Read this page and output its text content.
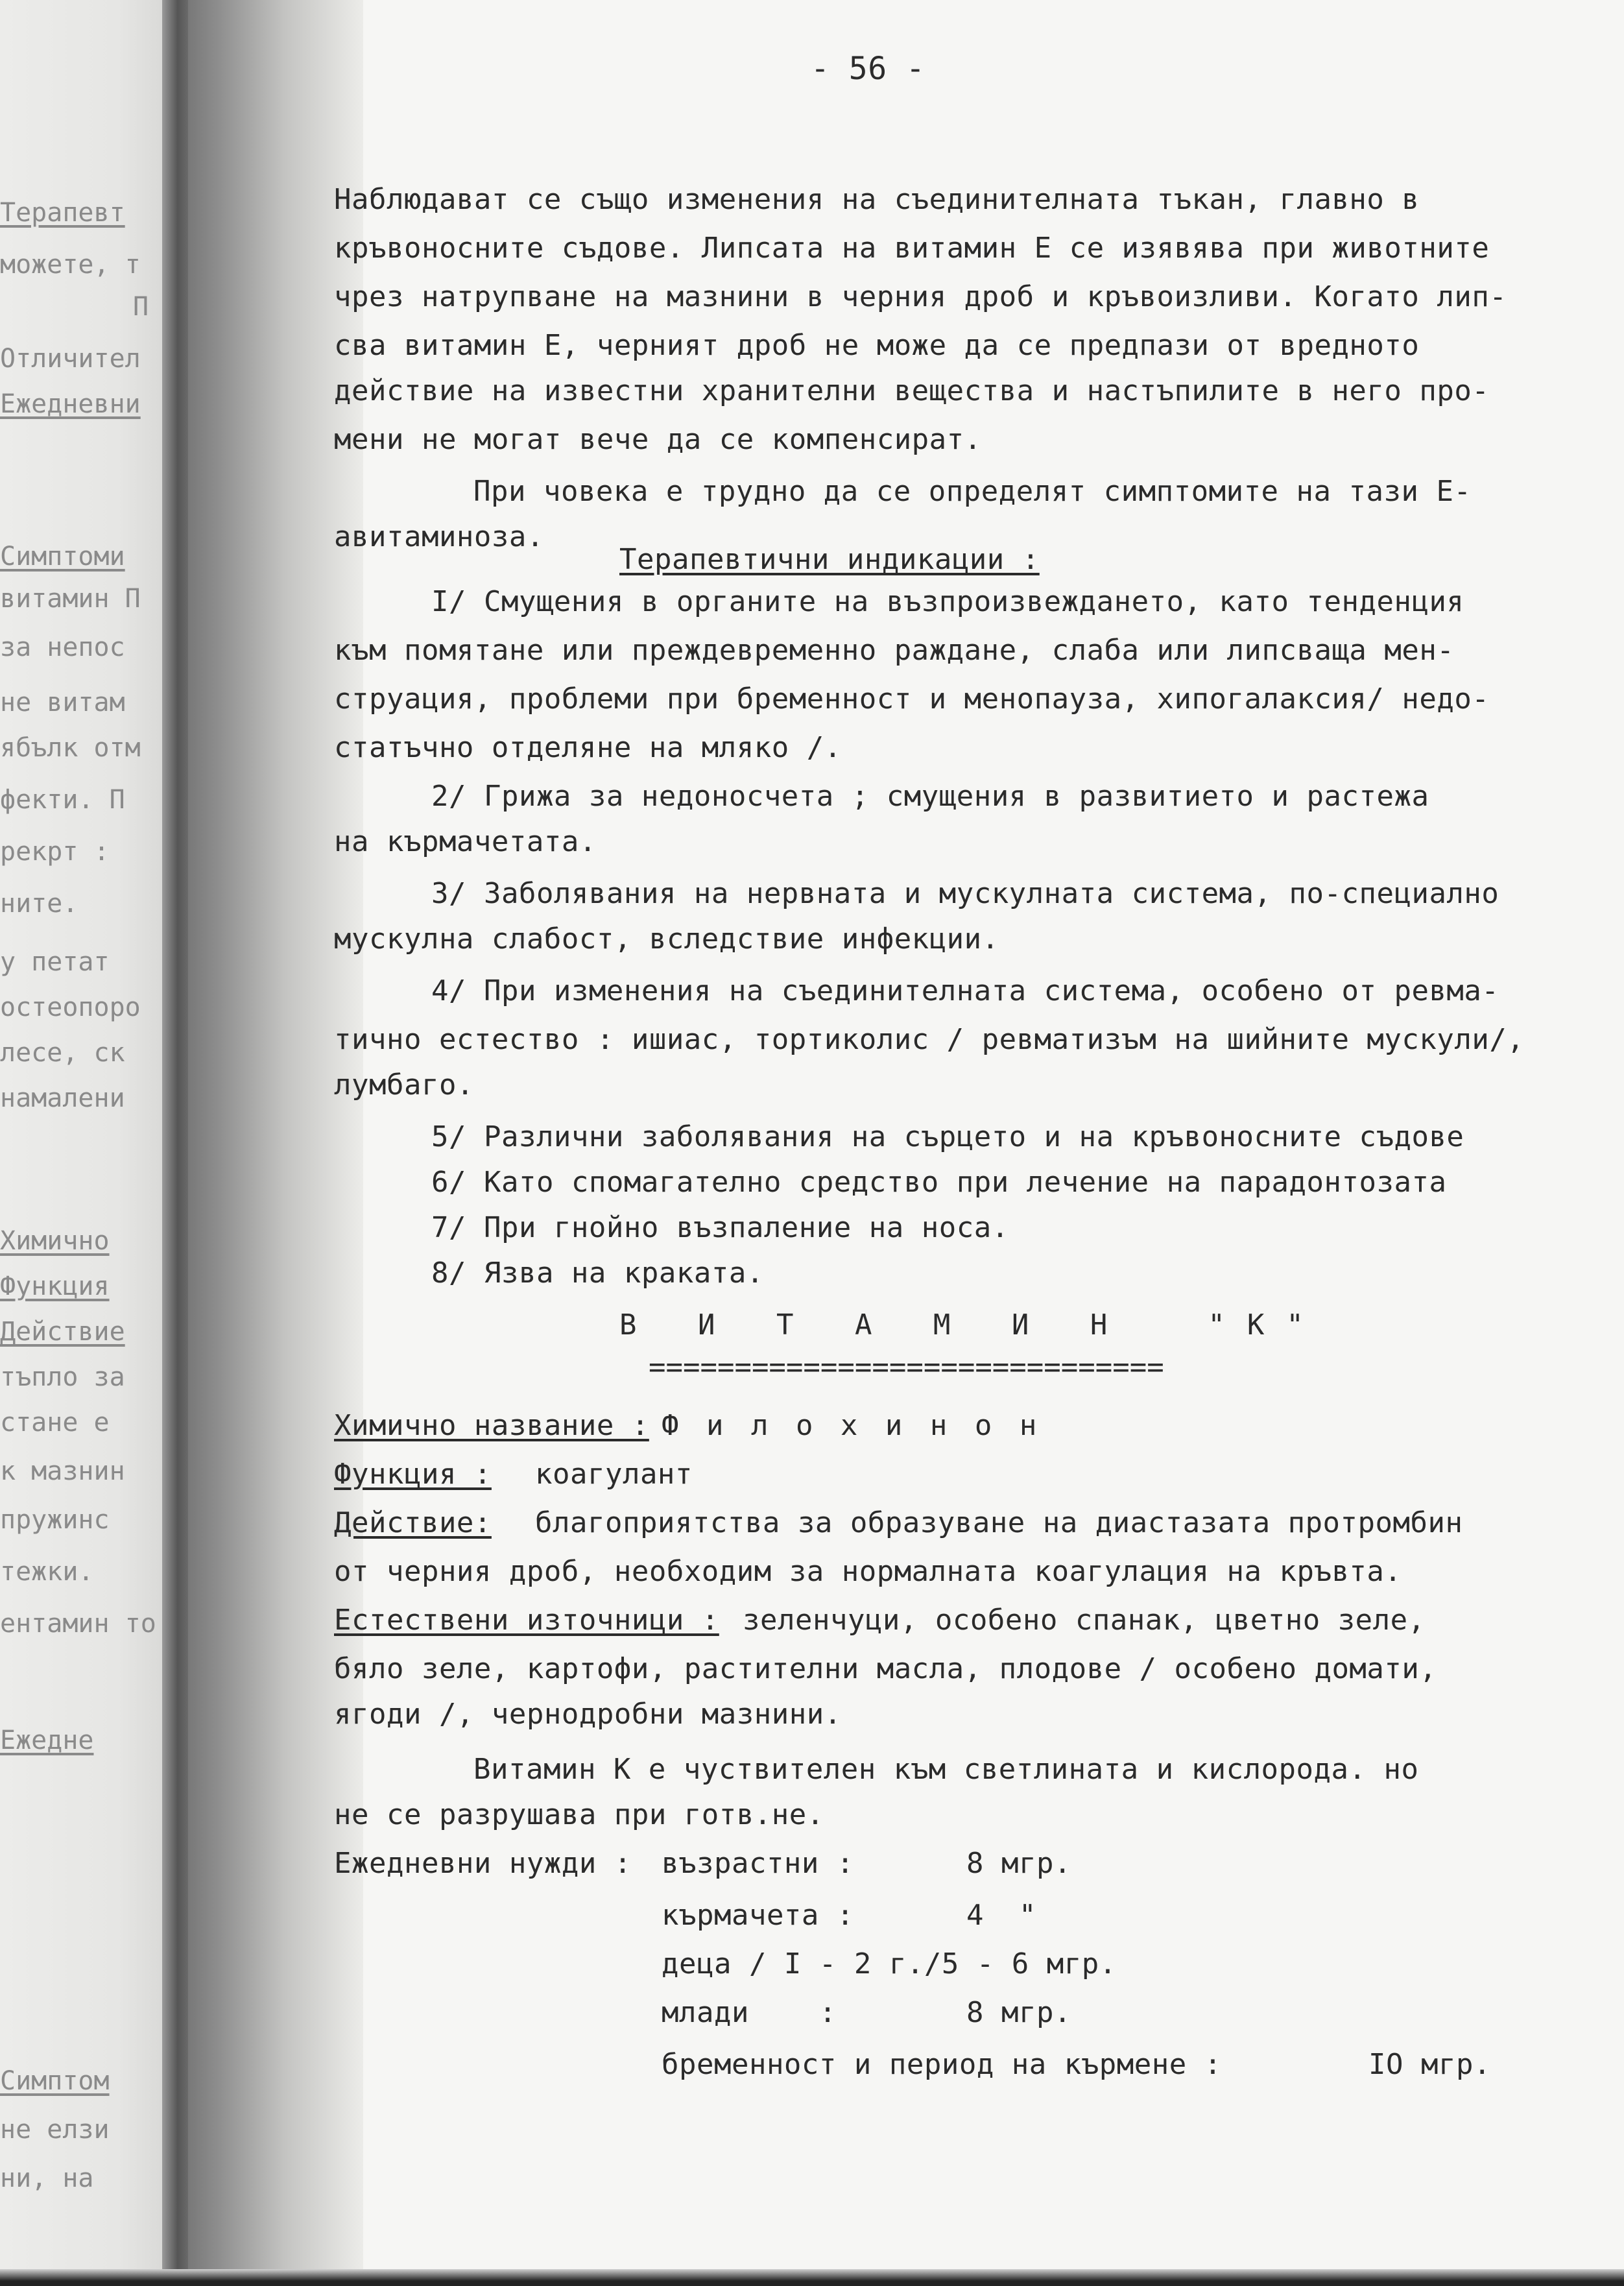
Терапевт
можете, т
П
Отличител
Ежедневни
Симптоми
витамин П
за непос
не витам
ябълк отм
фекти. П
рекрт :
нитe.
у петат
остеопоро
лесе, ск
намалени
Химично
Функция
Действие
тъпло за
стане е
к мазнин
пружинс
тежки.
ентамин то
Ежедне
Симптом
не елзи
ни, на
- 56 -
Наблюдават се също изменения на съединителната тъкан, главно в
кръвоносните съдове. Липсата на витамин Е се изявява при животните
чрез натрупване на мазнини в черния дроб и кръвоизливи. Когато лип-
сва витамин Е, черният дроб не може да се предпази от вредното
действие на известни хранителни вещества и настъпилите в него про-
мени не могат вече да се компенсират.
При човека е трудно да се определят симптомите на тази Е-
авитаминоза.
Терапевтични индикации :
I/ Смущения в органите на възпроизвеждането, като тенденция
към помятане или преждевременно раждане, слаба или липсваща мен-
струация, проблеми при бременност и менопауза, хипогалаксия/ недо-
статъчно отделяне на мляко /.
2/ Грижа за недоносчета ; смущения в развитието и растежа
на кърмачетата.
3/ Заболявания на нервната и мускулната система, по-специално
мускулна слабост, вследствие инфекции.
4/ При изменения на съединителната система, особено от ревма-
тично естество : ишиас, тортиколис / ревматизъм на шийните мускули/,
лумбаго.
5/ Различни заболявания на сърцето и на кръвоносните съдове
6/ Като спомагателно средство при лечение на парадонтозата
7/ При гнойно възпаление на носа.
8/ Язва на краката.
В И Т А М И Н  "К"
==============================
Химично название : Ф и л о х и н о н
Функция : коагулант
Действие: благоприятства за образуване на диастазата протромбин
от черния дроб, необходим за нормалната коагулация на кръвта.
Естествени източници : зеленчуци, особено спанак, цветно зеле,
бяло зеле, картофи, растителни масла, плодове / особено домати,
ягоди /, чернодробни мазнини.
Витамин К е чуствителен към светлината и кислорода. но
не се разрушава при готв.не.
Ежедневни нужди : възрастни :	8 мгр.
кърмачета :	4  "
деца / I - 2 г./5 - 6 мгр.
млади    :	8 мгр.
бременност и период на кърмене :	IO мгр.
